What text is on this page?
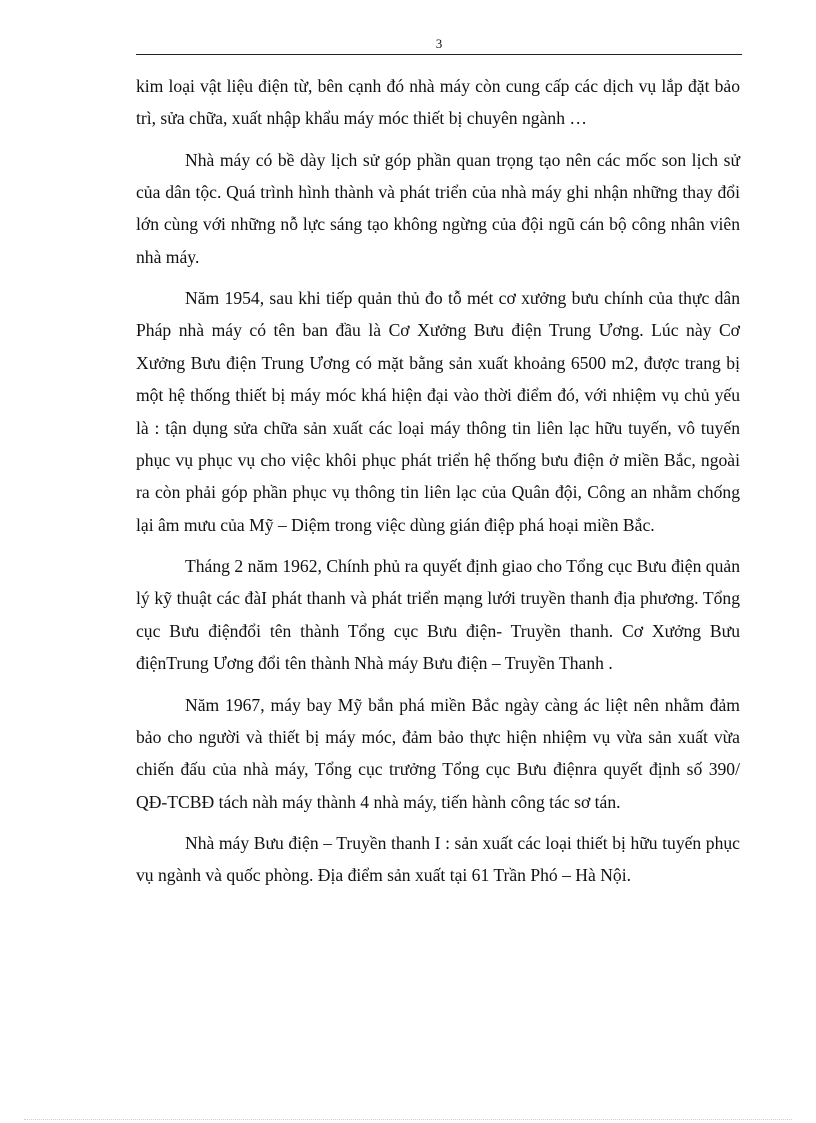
3

kim loại vật liệu điện từ, bên cạnh đó nhà máy còn cung cấp các dịch vụ lắp đặt bảo trì, sửa chữa, xuất nhập khẩu máy móc thiết bị chuyên ngành …

Nhà máy có bề dày lịch sử góp phần quan trọng tạo nên các mốc son lịch sử của dân tộc. Quá trình hình thành và phát triển của nhà máy ghi nhận những thay đổi lớn cùng với những nỗ lực sáng tạo không ngừng của đội ngũ cán bộ công nhân viên nhà máy.

Năm 1954, sau khi tiếp quản thủ đo tỗ mét cơ xưởng bưu chính của thực dân Pháp nhà máy có tên ban đầu là Cơ Xưởng Bưu điện Trung Ương. Lúc này Cơ Xưởng Bưu điện Trung Ương có mặt bằng sản xuất khoảng 6500 m2, được trang bị một hệ thống thiết bị máy móc khá hiện đại vào thời điểm đó, với nhiệm vụ chủ yếu là : tận dụng sửa chữa sản xuất các loại máy thông tin liên lạc hữu tuyến, vô tuyến phục vụ phục vụ cho việc khôi phục phát triển hệ thống bưu điện ở miền Bắc, ngoài ra còn phải góp phần phục vụ thông tin liên lạc của Quân đội, Công an nhằm chống lại âm mưu của Mỹ – Diệm trong việc dùng gián điệp phá hoại miền Bắc.

Tháng 2 năm 1962, Chính phủ ra quyết định giao cho Tổng cục Bưu điện quản lý kỹ thuật các đàI phát thanh và phát triển mạng lưới truyền thanh địa phương. Tổng cục Bưu điệnđổi tên thành Tổng cục Bưu điện- Truyền thanh. Cơ Xưởng Bưu điệnTrung Ương đổi tên thành Nhà máy Bưu điện – Truyền Thanh .

Năm 1967, máy bay Mỹ bắn phá miền Bắc ngày càng ác liệt nên nhằm đảm bảo cho người và thiết bị máy móc, đảm bảo thực hiện nhiệm vụ vừa sản xuất vừa chiến đấu của nhà máy, Tổng cục trưởng Tổng cục Bưu điệnra quyết định số 390/ QĐ-TCBĐ tách nàh máy thành 4 nhà máy, tiến hành công tác sơ tán.

Nhà máy Bưu điện – Truyền thanh I : sản xuất các loại thiết bị hữu tuyến phục vụ ngành và quốc phòng. Địa điểm sản xuất tại 61 Trần Phó – Hà Nội.
